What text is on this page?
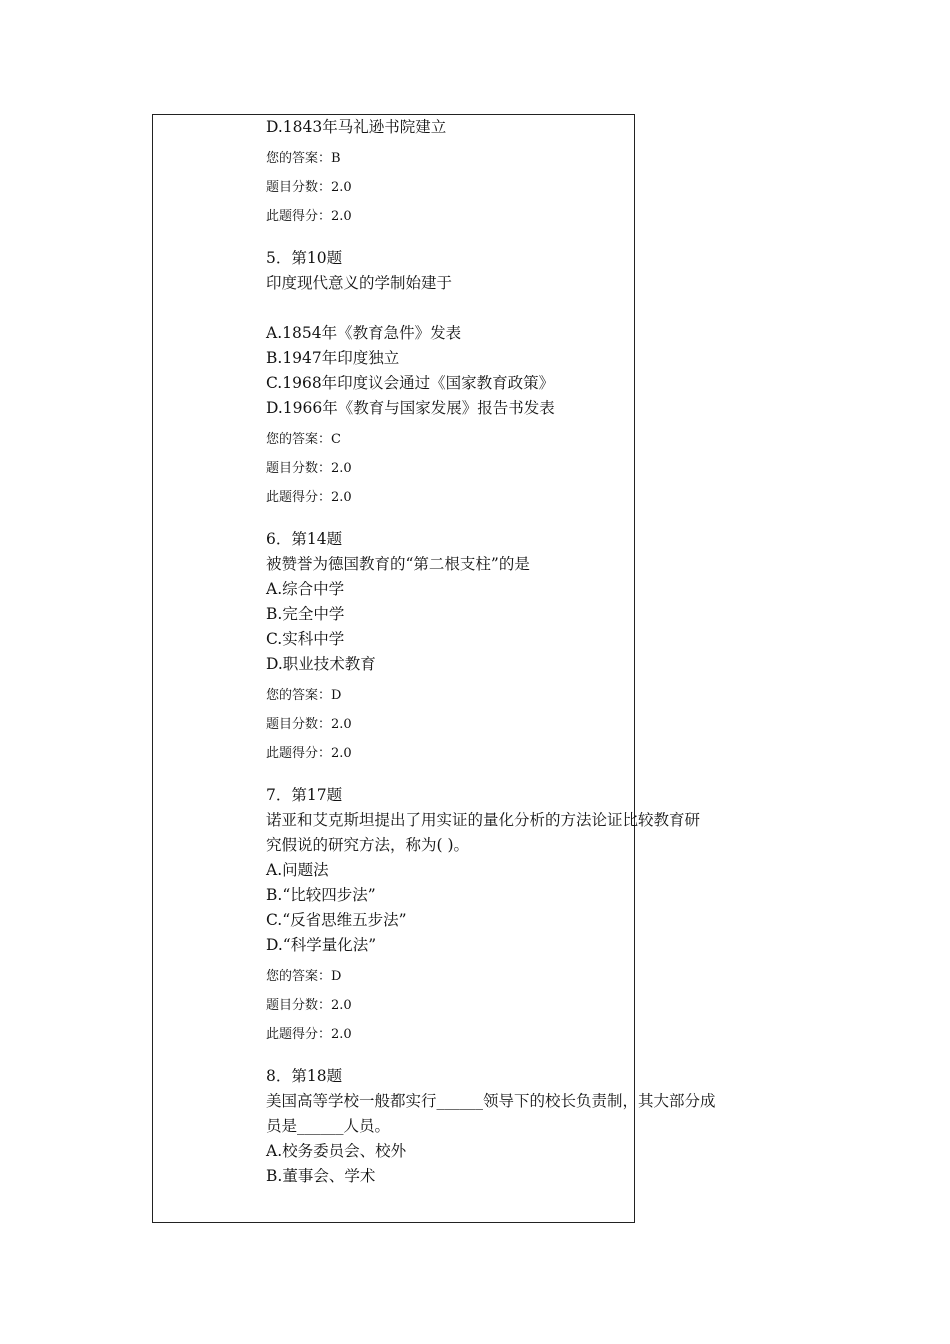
D.1843年马礼逊书院建立
您的答案：B
题目分数：2.0
此题得分：2.0
5．第10题
印度现代意义的学制始建于
A.1854年《教育急件》发表
B.1947年印度独立
C.1968年印度议会通过《国家教育政策》
D.1966年《教育与国家发展》报告书发表
您的答案：C
题目分数：2.0
此题得分：2.0
6．第14题
被赞誉为德国教育的“第二根支柱”的是
A.综合中学
B.完全中学
C.实科中学
D.职业技术教育
您的答案：D
题目分数：2.0
此题得分：2.0
7．第17题
诺亚和艾克斯坦提出了用实证的量化分析的方法论证比较教育研
究假说的研究方法，称为( )。
A.问题法
B.“比较四步法”
C.“反省思维五步法”
D.“科学量化法”
您的答案：D
题目分数：2.0
此题得分：2.0
8．第18题
美国高等学校一般都实行______领导下的校长负责制，其大部分成
员是______人员。
A.校务委员会、校外
B.董事会、学术
